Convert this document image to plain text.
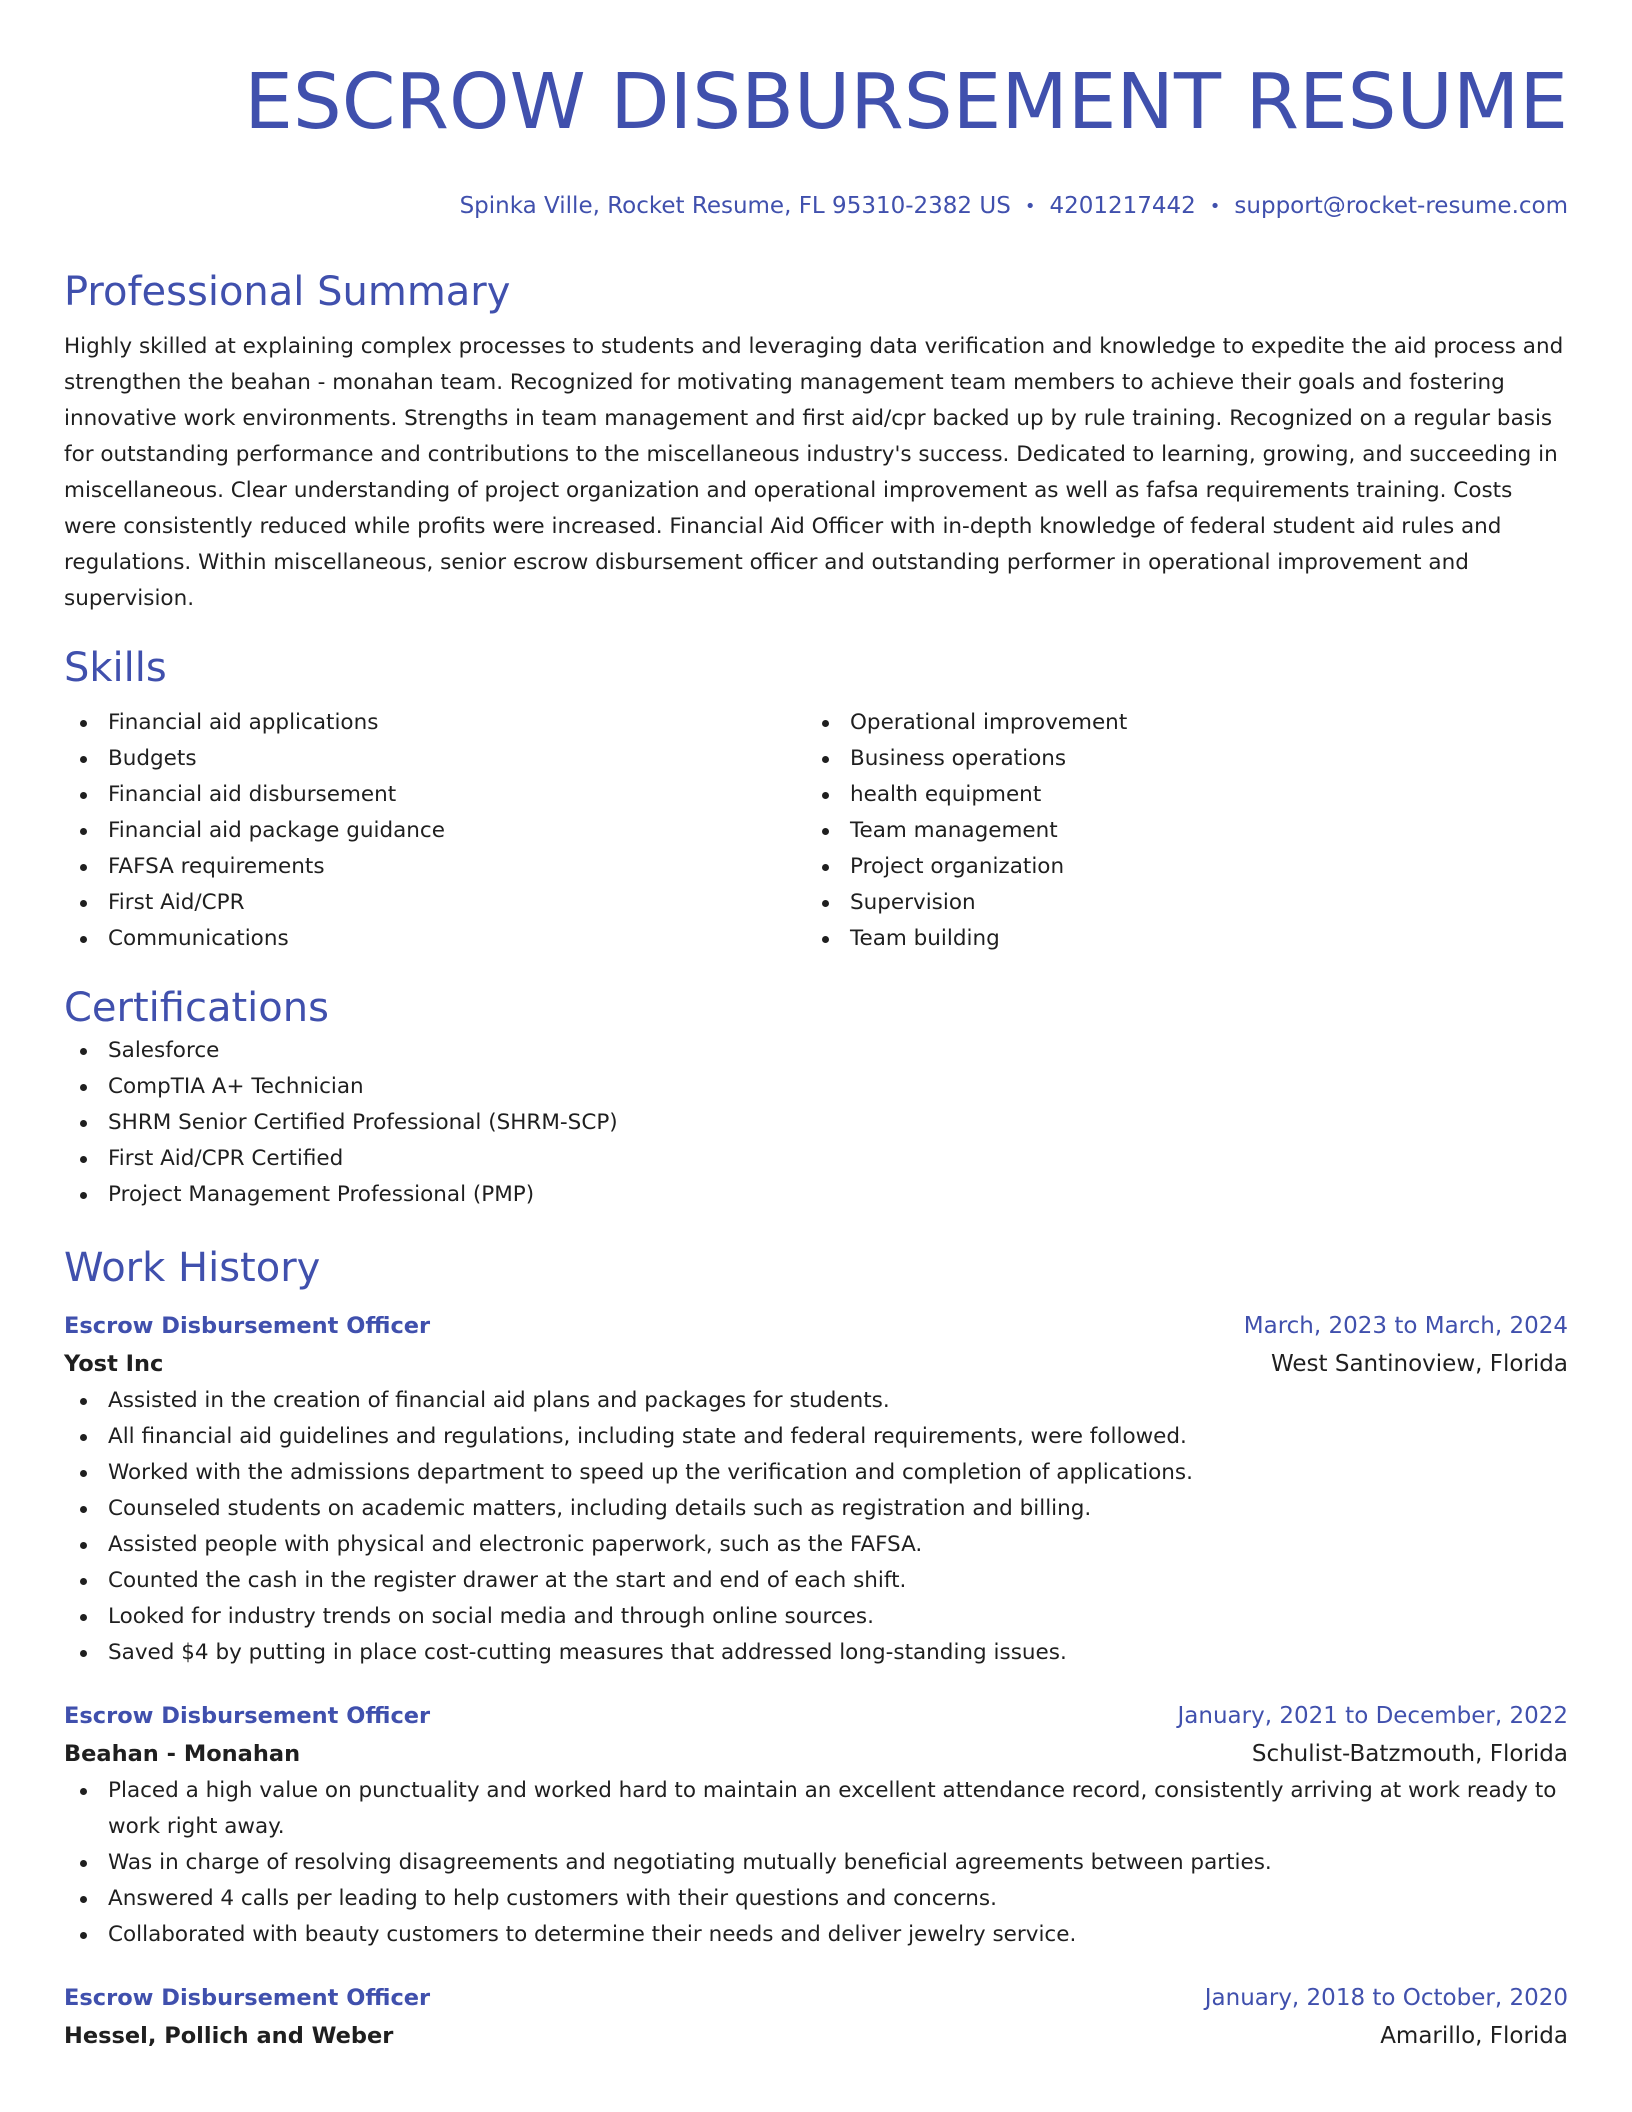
ESCROW DISBURSEMENT RESUME
Spinka Ville, Rocket Resume, FL 95310-2382 US • 4201217442 • support@rocket-resume.com
Professional Summary

Highly skilled at explaining complex processes to students and leveraging data verification and knowledge to expedite the aid process and strengthen the beahan - monahan team. Recognized for motivating management team members to achieve their goals and fostering innovative work environments. Strengths in team management and first aid/cpr backed up by rule training. Recognized on a regular basis for outstanding performance and contributions to the miscellaneous industry's success. Dedicated to learning, growing, and succeeding in miscellaneous. Clear understanding of project organization and operational improvement as well as fafsa requirements training. Costs were consistently reduced while profits were increased. Financial Aid Officer with in-depth knowledge of federal student aid rules and regulations. Within miscellaneous, senior escrow disbursement officer and outstanding performer in operational improvement and supervision.

Skills
Financial aid applications
Budgets
Financial aid disbursement
Financial aid package guidance
FAFSA requirements
First Aid/CPR
Communications
Operational improvement
Business operations
health equipment
Team management
Project organization
Supervision
Team building
Certifications
Salesforce
CompTIA A+ Technician
SHRM Senior Certified Professional (SHRM-SCP)
First Aid/CPR Certified
Project Management Professional (PMP)
Work History
Escrow Disbursement Officer	March, 2023 to March, 2024
Yost Inc	West Santinoview, Florida
Assisted in the creation of financial aid plans and packages for students.
All financial aid guidelines and regulations, including state and federal requirements, were followed.
Worked with the admissions department to speed up the verification and completion of applications.
Counseled students on academic matters, including details such as registration and billing.
Assisted people with physical and electronic paperwork, such as the FAFSA.
Counted the cash in the register drawer at the start and end of each shift.
Looked for industry trends on social media and through online sources.
Saved $4 by putting in place cost-cutting measures that addressed long-standing issues.
Escrow Disbursement Officer	January, 2021 to December, 2022
Beahan - Monahan	Schulist-Batzmouth, Florida
Placed a high value on punctuality and worked hard to maintain an excellent attendance record, consistently arriving at work ready to work right away.
Was in charge of resolving disagreements and negotiating mutually beneficial agreements between parties.
Answered 4 calls per leading to help customers with their questions and concerns.
Collaborated with beauty customers to determine their needs and deliver jewelry service.
Escrow Disbursement Officer	January, 2018 to October, 2020
Hessel, Pollich and Weber	Amarillo, Florida
